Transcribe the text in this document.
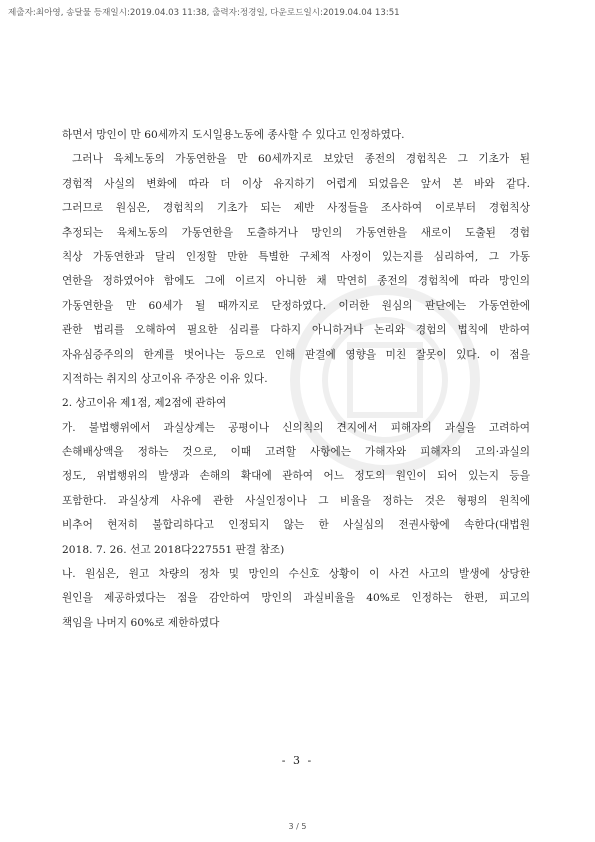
제출자:최아영, 송달물 등재일시:2019.04.03 11:38, 출력자:정경일, 다운로드일시:2019.04.04 13:51
하면서 망인이 만 60세까지 도시일용노동에 종사할 수 있다고 인정하였다.
그러나 육체노동의 가동연한을 만 60세까지로 보았던 종전의 경험칙은 그 기초가 된
경험적 사실의 변화에 따라 더 이상 유지하기 어렵게 되었음은 앞서 본 바와 같다.
그러므로 원심은, 경험칙의 기초가 되는 제반 사정들을 조사하여 이로부터 경험칙상
추정되는 육체노동의 가동연한을 도출하거나 망인의 가동연한을 새로이 도출된 경험
칙상 가동연한과 달리 인정할 만한 특별한 구체적 사정이 있는지를 심리하여, 그 가동
연한을 정하였어야 함에도 그에 이르지 아니한 채 막연히 종전의 경험칙에 따라 망인의
가동연한을 만 60세가 될 때까지로 단정하였다. 이러한 원심의 판단에는 가동연한에
관한 법리를 오해하여 필요한 심리를 다하지 아니하거나 논리와 경험의 법칙에 반하여
자유심증주의의 한계를 벗어나는 등으로 인해 판결에 영향을 미친 잘못이 있다. 이 점을
지적하는 취지의 상고이유 주장은 이유 있다.
2. 상고이유 제1점, 제2점에 관하여
가. 불법행위에서 과실상계는 공평이나 신의칙의 견지에서 피해자의 과실을 고려하여
손해배상액을 정하는 것으로, 이때 고려할 사항에는 가해자와 피해자의 고의·과실의
정도, 위법행위의 발생과 손해의 확대에 관하여 어느 정도의 원인이 되어 있는지 등을
포함한다. 과실상계 사유에 관한 사실인정이나 그 비율을 정하는 것은 형평의 원칙에
비추어 현저히 불합리하다고 인정되지 않는 한 사실심의 전권사항에 속한다(대법원
2018. 7. 26. 선고 2018다227551 판결 참조)
나. 원심은, 원고 차량의 정차 및 망인의 수신호 상황이 이 사건 사고의 발생에 상당한
원인을 제공하였다는 점을 감안하여 망인의 과실비율을 40%로 인정하는 한편, 피고의
책임을 나머지 60%로 제한하였다
- 3 -
3 / 5
